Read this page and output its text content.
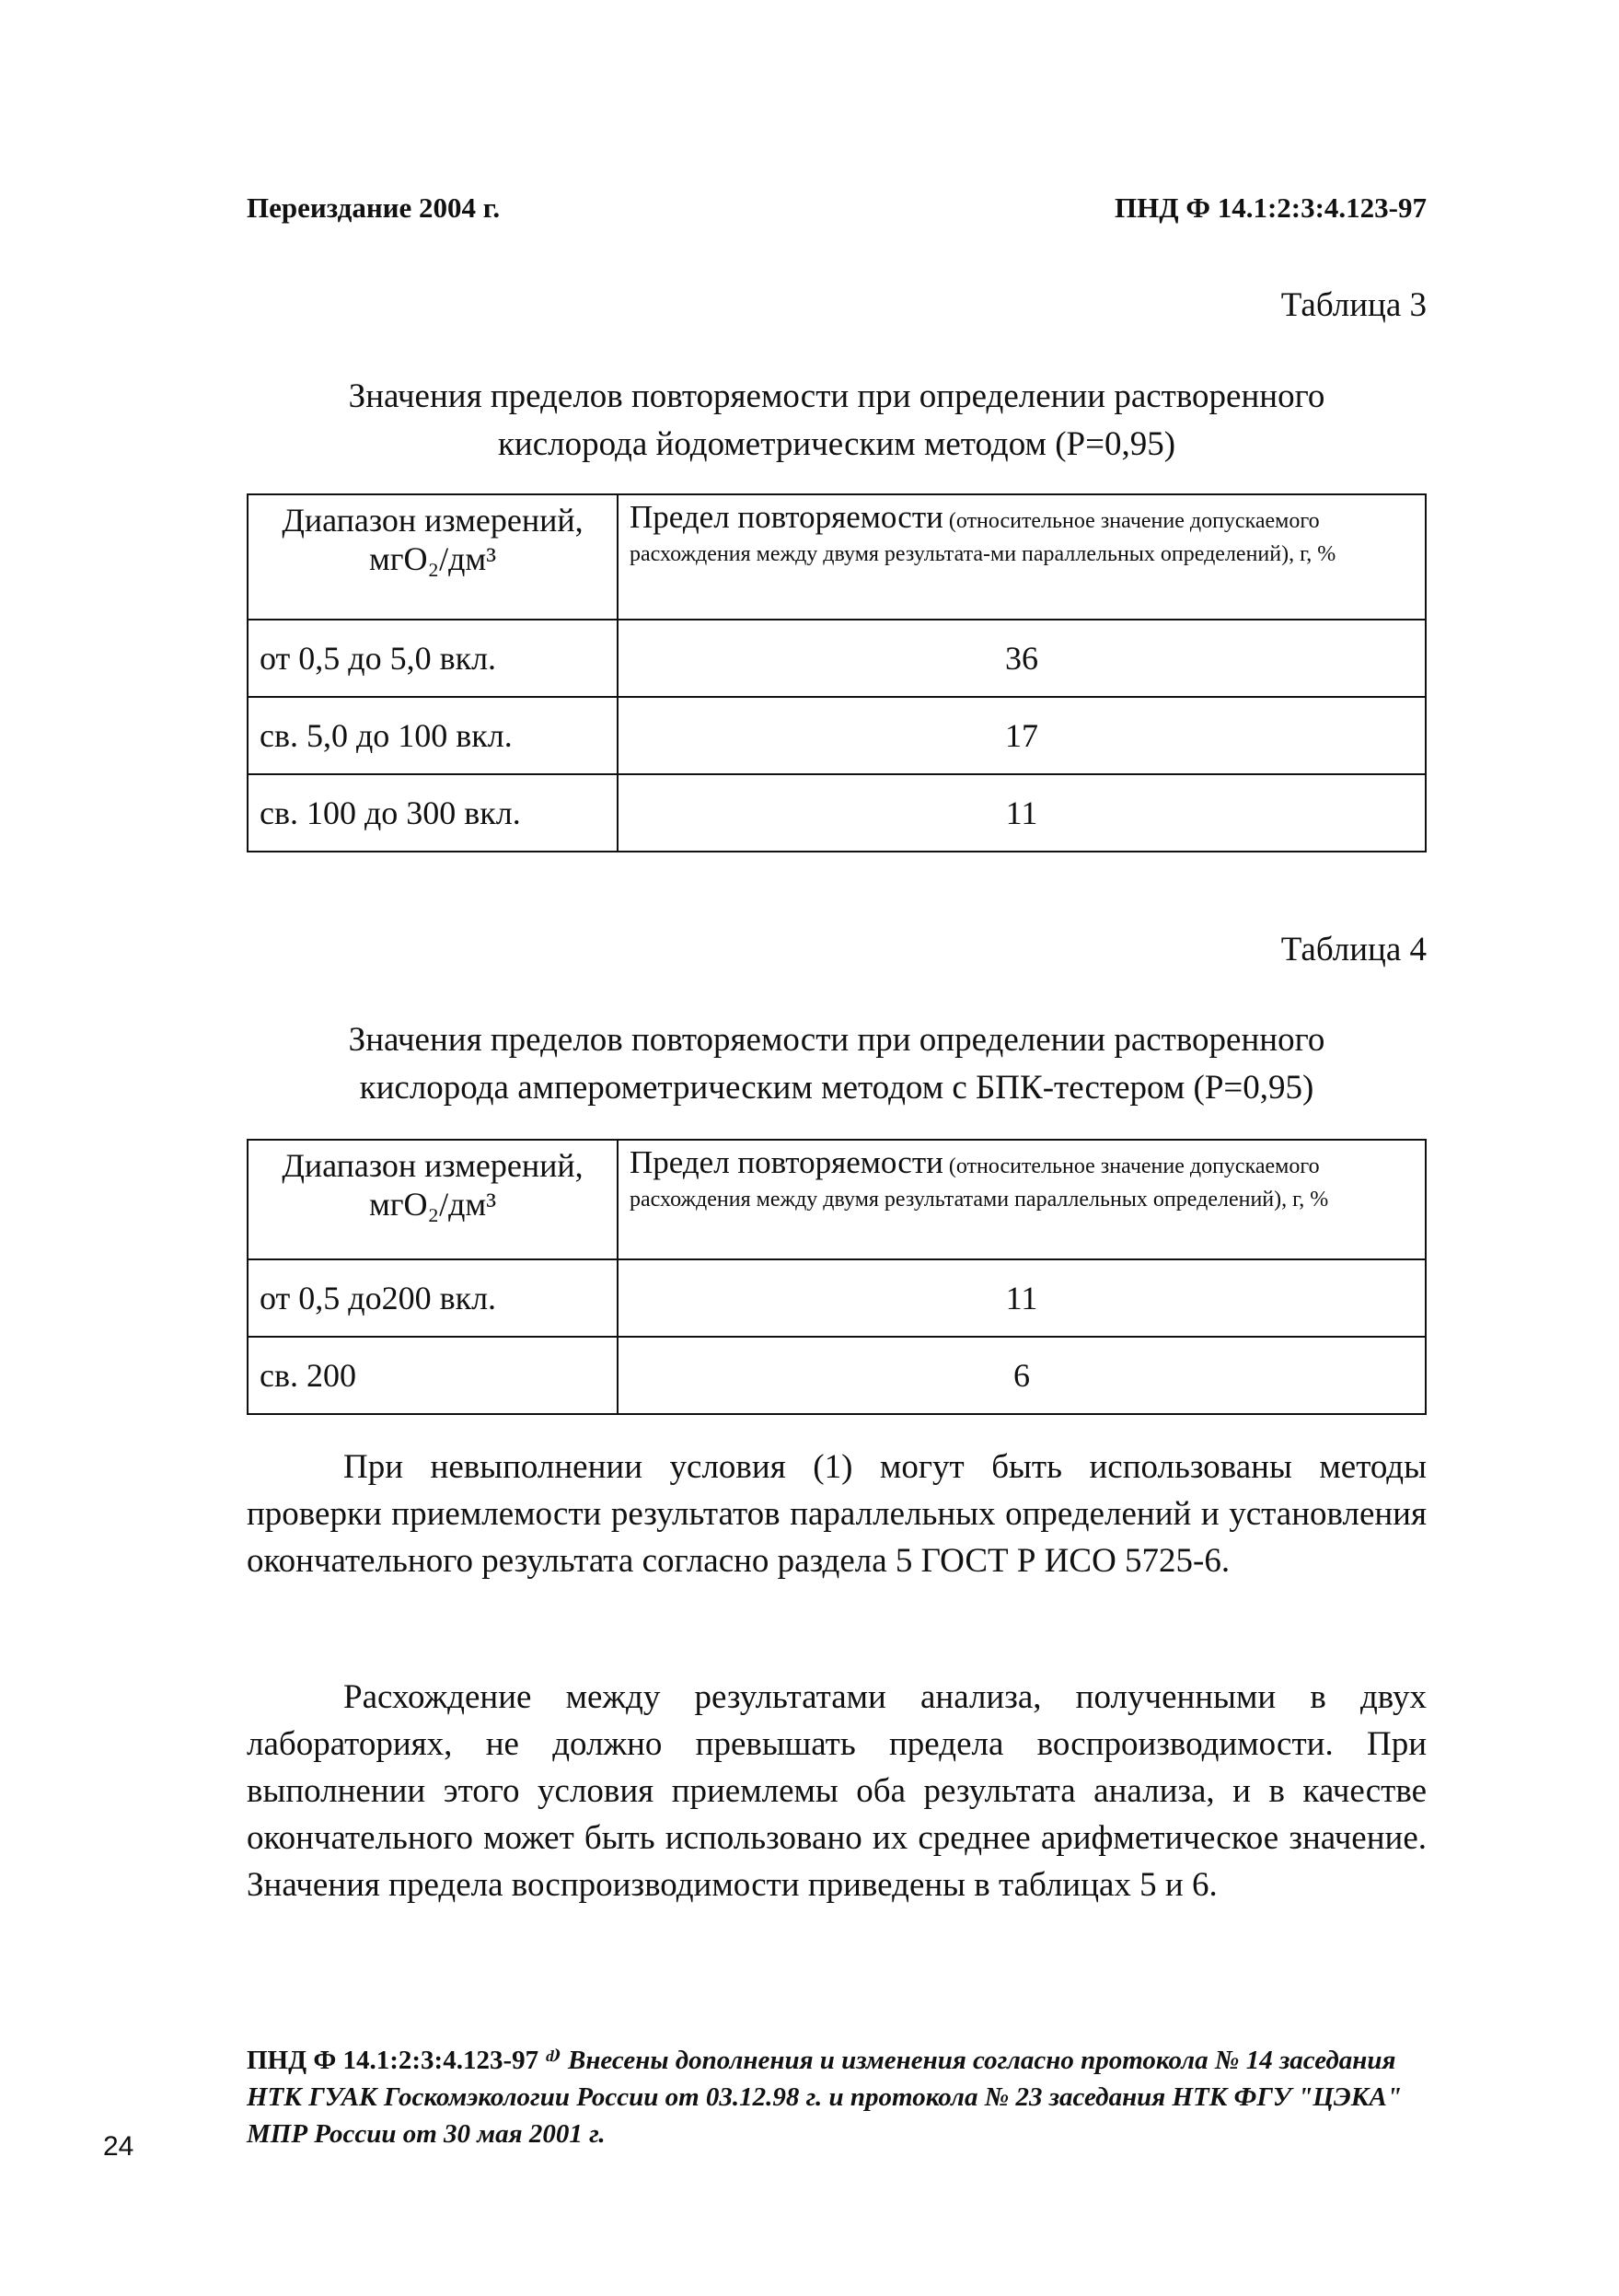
Переиздание 2004 г.	ПНД Ф 14.1:2:3:4.123-97
Таблица 3
Значения пределов повторяемости при определении растворенного
кислорода йодометрическим методом (Р=0,95)
Диапазон измерений, мгО₂/дм³	Предел повторяемости (относительное значение допускаемого расхождения между двумя результата-ми параллельных определений), г, %
от 0,5 до 5,0 вкл.	36
св. 5,0 до 100 вкл.	17
св. 100 до 300 вкл.	11
Таблица 4
Значения пределов повторяемости при определении растворенного
кислорода амперометрическим методом с БПК-тестером (Р=0,95)
Диапазон измерений, мгО₂/дм³	Предел повторяемости (относительное значение допускаемого расхождения между двумя результатами параллельных определений), г, %
от 0,5 до200 вкл.	11
св. 200	6

При невыполнении условия (1) могут быть использованы методы проверки приемлемости результатов параллельных определений и установления окончательного результата согласно раздела 5 ГОСТ Р ИСО 5725-6.

Расхождение между результатами анализа, полученными в двух лабораториях, не должно превышать предела воспроизводимости. При выполнении этого условия приемлемы оба результата анализа, и в качестве окончательного может быть использовано их среднее арифметическое значение. Значения предела воспроизводимости приведены в таблицах 5 и 6.

ПНД Ф 14.1:2:3:4.123-97 ᵈ⁾ Внесены дополнения и изменения согласно протокола № 14 заседания НТК ГУАК Госкомэкологии России от 03.12.98 г. и протокола № 23 заседания НТК ФГУ "ЦЭКА" МПР России от 30 мая 2001 г.
24
